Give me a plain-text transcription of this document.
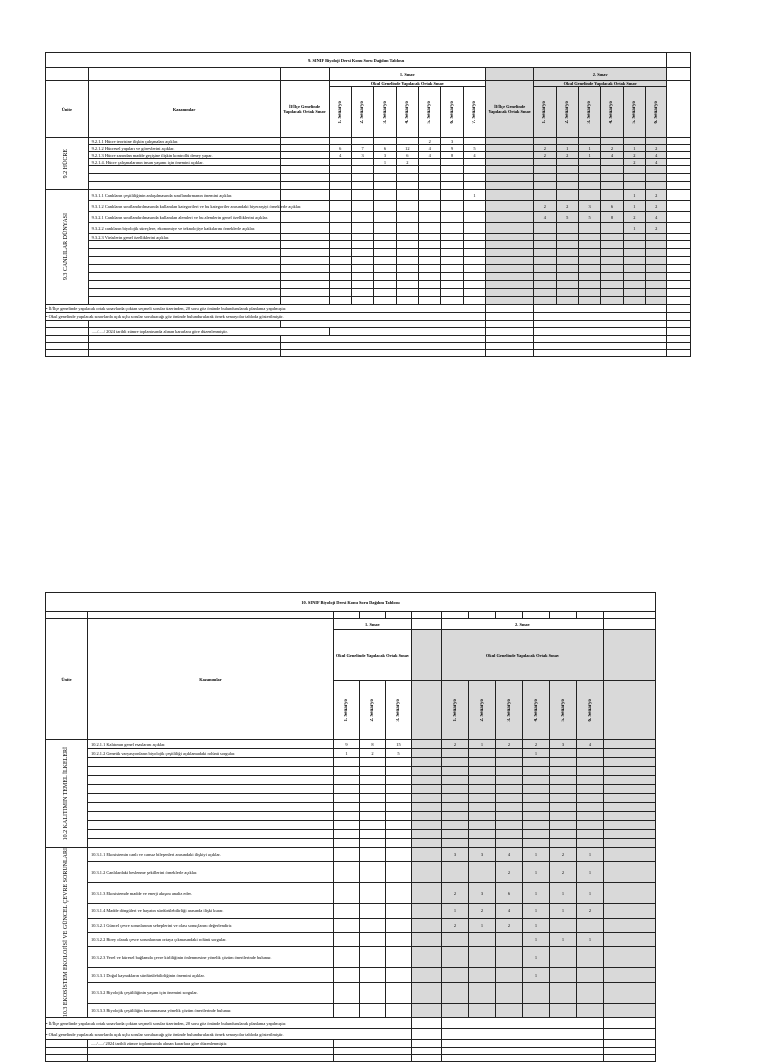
9. SINIF Biyoloji Dersi Konu Soru Dağılım Tablosu																	
			1. Sınav								2. Sınav						
Ünite	Kazanımlar	İl/İlçe Genelinde Yapılacak Ortak Sınav	Okul Genelinde Yapılacak Ortak Sınav							İl/İlçe Genelinde Yapılacak Ortak Sınav	Okul Genelinde Yapılacak Ortak Sınav						

			1. Senaryo	2. Senaryo	3. Senaryo	4. Senaryo	5. Senaryo	6. Senaryo	7. Senaryo		1. Senaryo	2. Senaryo	3. Senaryo	4. Senaryo	5. Senaryo	6. Senaryo	

9.2 HÜCRE	9.2.1.1 Hücre teorisine ilişkin çalışmaları açıklar.						2	3									
	9.2.1.2 Hücresel yapıları ve görevlerini açıklar.		6	7	6	12	4	9	5		2	1	1	2	1	2	
	9.2.1.3 Hücre zarından madde geçişine ilişkin kontrollü deney yapar.		4	3	3	6	4	8	4		2	2	1	4	2	4	
	9.2.1.4. Hücre çalışmalarının insan yaşamı için önemini açıklar.				1	2									2	4	

9.3 CANLILAR DÜNYASI	9.3.1.1 Canlıların çeşitliliğinin anlaşılmasında sınıflandırmanın önemini açıklar.								1						1	2	
	9.3.1.2 Canlıların sınıflandırılmasında kullanılan kategorileri ve bu kategoriler arasındaki hiyerarşiyi örneklerle açıklar.										2	2	3	6	1	2	
	9.3.2.1 Canlıların sınıflandırılmasında kullanılan alemleri ve bu alemlerin genel özelliklerini açıklar.										4	5	5	8	2	4	
	9.3.2.2 canlıların biyolojik süreçlere, ekonomiye ve teknolojiye katkılarını örneklerle açıklar.														1	2	
	9.3.2.3 Virüslerin genel özelliklerini açıklar.																

• İl/İlçe genelinde yapılacak ortak sınavlarda çoktan seçmeli sorular üzerinden, 20 soru göz önünde bulundurularak planlama yapılmıştır.																	
• Okul genelinde yapılacak sınavlarda açık uçlu sorular soruluacağı göz önünde bulundurularak örnek senaryolar tabloda gösterilmiştir.																	

	...../...../ 2024 tarihli zümre toplantısında alınan kararlara göre düzenlenmiştir.																

10. SINIF Biyoloji Dersi Konu Soru Dağılım Tablosu												

Ünite	Kazanımlar	1. Sınav				2. Sınav						
		Okul Genelinde Yapılacak Ortak Sınav				Okul Genelinde Yapılacak Ortak Sınav						

		1. Senaryo	2. Senaryo	3. Senaryo		1. Senaryo	2. Senaryo	3. Senaryo	4. Senaryo	5. Senaryo	6. Senaryo	

10.2 KALITIMIN TEMEL İLKELERİ	10.2.1.1 Kalıtımın genel esaslarını açıklar.	9	8	15		2	1	2	2	3	4	
	10.2.1.2 Genetik varyasyonların biyolojik çeşitliliği açıklamadaki rolünü sorgular.	1	2	5					1			

10.3 EKOSİSTEM EKOLOJİSİ VE GÜNCEL ÇEVRE SORUNLARI	10.3.1.1 Ekosistemin canlı ve cansız bileşenleri arasındaki ilişkiyi açıklar.					3	3	4	1	2	1	
	10.3.1.2 Canlılardaki beslenme şekillerini örneklerle açıklar.							2	1	2	1	
	10.3.1.3 Ekosistemde madde ve enerji akışını analiz eder.					2	3	6	1	1	1	
	10.3.1.4 Madde döngüleri ve hayatın sürdürülebilirliği arasında ilişki kurar.					1	2	4	1	1	2	
	10.3.2.1 Güncel çevre sorunlarının sebeplerini ve olası sonuçlarını değerlendirir.					2	1	2	1			
	10.3.2.2 Birey olarak çevre sorunlarının ortaya çıkmasındaki rolünü sorgular.								1	1	1	
	10.3.2.3 Yerel ve küresel bağlamda çevre kirliliğinin önlenmesine yönelik çözüm önerilerinde bulunur.								1			
	10.3.3.1 Doğal kaynakların sürdürülebilirliğinin önemini açıklar.								1			
	10.3.3.2 Biyolojik çeşitliliğinin yaşam için önemini sorgular.											
	10.3.3.3 Biyolojik çeşitliliğin korunmasına yönelik çözüm önerilerinde bulunur.											
• İl/İlçe genelinde yapılacak ortak sınavlarda çoktan seçmeli sorular üzerinden, 20 soru göz önünde bulundurularak planlama yapılmıştır.												
• Okul genelinde yapılacak sınavlarda açık uçlu sorular soruluacağı göz önünde bulundurularak örnek senaryolar tabloda gösterilmiştir.												
	...../...../ 2024 tarihli zümre toplantısında alınan kararlara göre düzenlenmiştir.											
